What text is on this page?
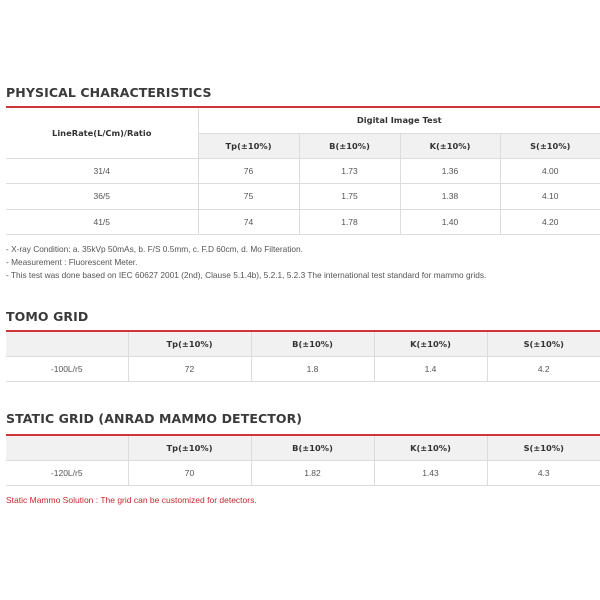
PHYSICAL CHARACTERISTICS
LineRate(L/Cm)/Ratio	Digital Image Test			
	Tp(±10%)	B(±10%)	K(±10%)	S(±10%)
31/4	76	1.73	1.36	4.00
36/5	75	1.75	1.38	4.10
41/5	74	1.78	1.40	4.20
- X-ray Condition: a. 35kVp 50mAs, b. F/S 0.5mm, c. F.D 60cm, d. Mo Filteration.
- Measurement : Fluorescent Meter.
- This test was done based on IEC 60627 2001 (2nd), Clause 5.1.4b), 5.2.1, 5.2.3 The international test standard for mammo grids.
TOMO GRID
	Tp(±10%)	B(±10%)	K(±10%)	S(±10%)
-100L/r5	72	1.8	1.4	4.2
STATIC GRID (ANRAD MAMMO DETECTOR)
	Tp(±10%)	B(±10%)	K(±10%)	S(±10%)
-120L/r5	70	1.82	1.43	4.3
Static Mammo Solution : The grid can be customized for detectors.
